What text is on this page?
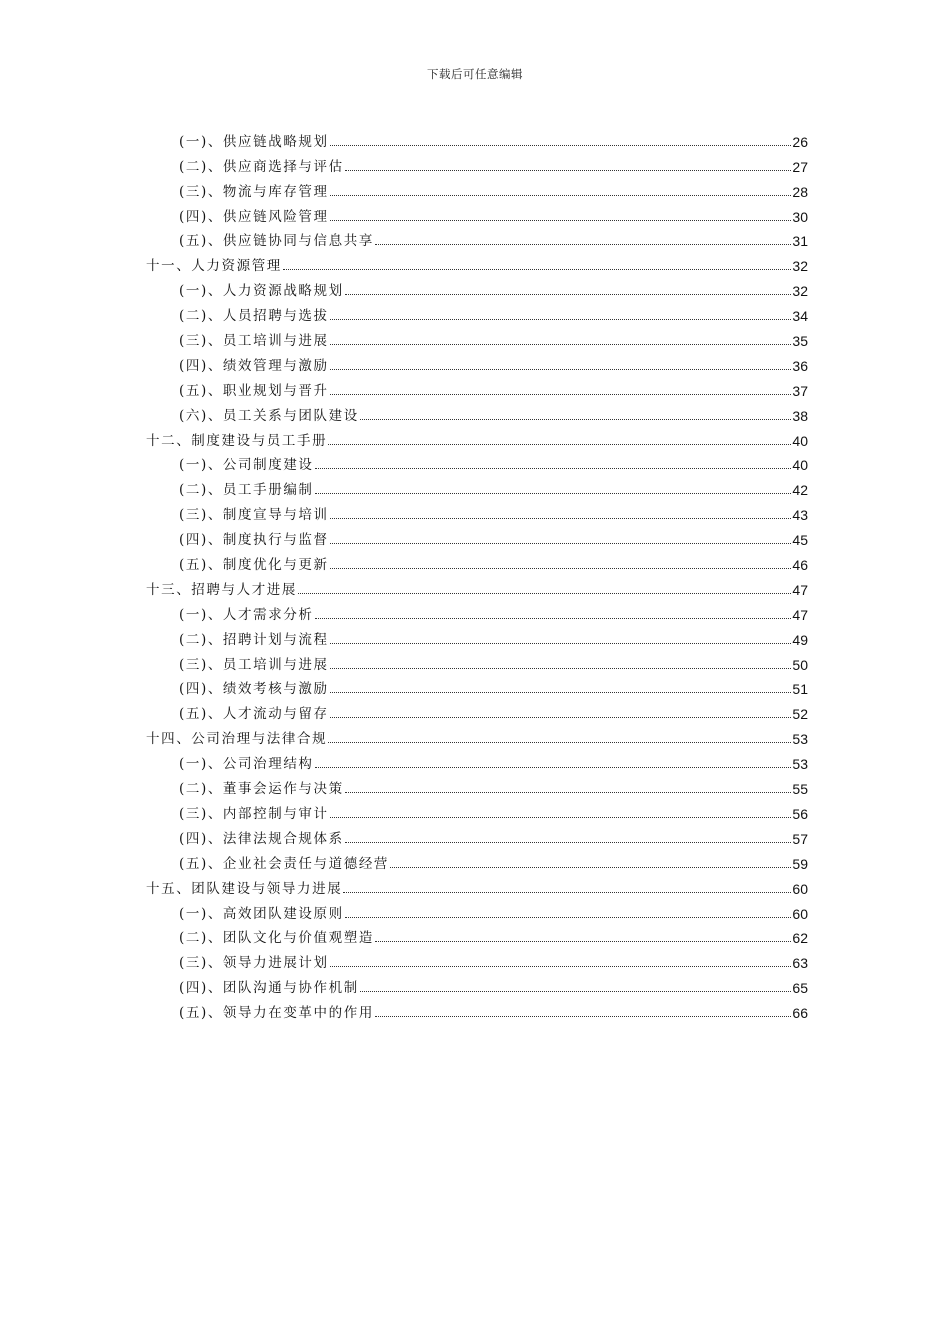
下载后可任意编辑
(一)、供应链战略规划	26
(二)、供应商选择与评估	27
(三)、物流与库存管理	28
(四)、供应链风险管理	30
(五)、供应链协同与信息共享	31
十一、人力资源管理	32
(一)、人力资源战略规划	32
(二)、人员招聘与选拔	34
(三)、员工培训与进展	35
(四)、绩效管理与激励	36
(五)、职业规划与晋升	37
(六)、员工关系与团队建设	38
十二、制度建设与员工手册	40
(一)、公司制度建设	40
(二)、员工手册编制	42
(三)、制度宣导与培训	43
(四)、制度执行与监督	45
(五)、制度优化与更新	46
十三、招聘与人才进展	47
(一)、人才需求分析	47
(二)、招聘计划与流程	49
(三)、员工培训与进展	50
(四)、绩效考核与激励	51
(五)、人才流动与留存	52
十四、公司治理与法律合规	53
(一)、公司治理结构	53
(二)、董事会运作与决策	55
(三)、内部控制与审计	56
(四)、法律法规合规体系	57
(五)、企业社会责任与道德经营	59
十五、团队建设与领导力进展	60
(一)、高效团队建设原则	60
(二)、团队文化与价值观塑造	62
(三)、领导力进展计划	63
(四)、团队沟通与协作机制	65
(五)、领导力在变革中的作用	66
